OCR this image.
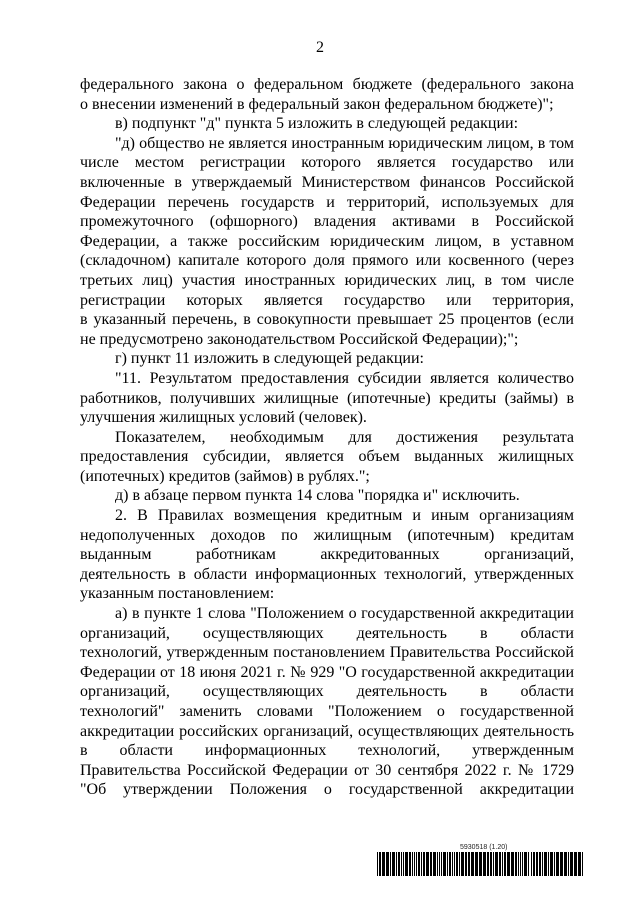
2
федерального закона о федеральном бюджете (федерального закона
о внесении изменений в федеральный закон федеральном бюджете)";
в) подпункт "д" пункта 5 изложить в следующей редакции:
"д) общество не является иностранным юридическим лицом, в том
числе местом регистрации которого является государство или
включенные в утверждаемый Министерством финансов Российской
Федерации перечень государств и территорий, используемых для
промежуточного (офшорного) владения активами в Российской
Федерации, а также российским юридическим лицом, в уставном
(складочном) капитале которого доля прямого или косвенного (через
третьих лиц) участия иностранных юридических лиц, в том числе
регистрации которых является государство или территория,
в указанный перечень, в совокупности превышает 25 процентов (если
не предусмотрено законодательством Российской Федерации);";
г) пункт 11 изложить в следующей редакции:
"11. Результатом предоставления субсидии является количество
работников, получивших жилищные (ипотечные) кредиты (займы) в
улучшения жилищных условий (человек).
Показателем, необходимым для достижения результата
предоставления субсидии, является объем выданных жилищных
(ипотечных) кредитов (займов) в рублях.";
д) в абзаце первом пункта 14 слова "порядка и" исключить.
2. В Правилах возмещения кредитным и иным организациям
недополученных доходов по жилищным (ипотечным) кредитам
выданным работникам аккредитованных организаций,
деятельность в области информационных технологий, утвержденных
указанным постановлением:
а) в пункте 1 слова "Положением о государственной аккредитации
организаций, осуществляющих деятельность в области
технологий, утвержденным постановлением Правительства Российской
Федерации от 18 июня 2021 г. № 929 "О государственной аккредитации
организаций, осуществляющих деятельность в области
технологий" заменить словами "Положением о государственной
аккредитации российских организаций, осуществляющих деятельность
в области информационных технологий, утвержденным
Правительства Российской Федерации от 30 сентября 2022 г. № 1729
"Об утверждении Положения о государственной аккредитации
5930518 (1.20)
